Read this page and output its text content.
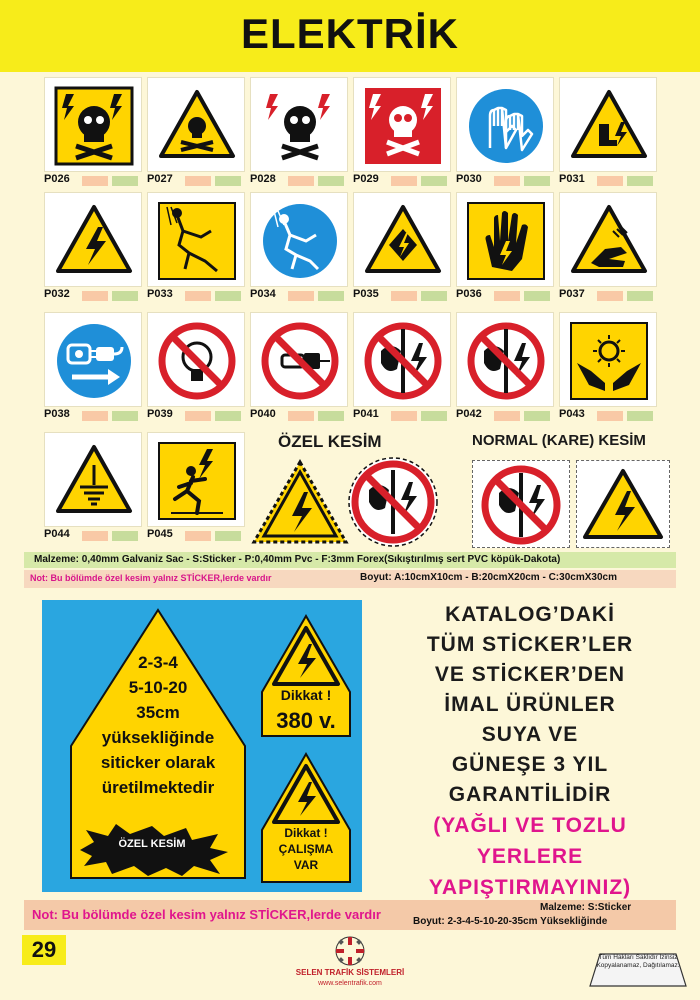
ELEKTRİK
P026	P027	P028	P029	P030	P031
P032	P033	P034	P035	P036	P037
P038	P039	P040	P041	P042	P043
P044	P045
ÖZEL KESİM	NORMAL (KARE) KESİM
Malzeme: 0,40mm Galvaniz Sac - S:Sticker - P:0,40mm Pvc - F:3mm Forex(Sıkıştırılmış sert PVC köpük-Dakota)
Not: Bu bölümde özel kesim yalnız STİCKER,lerde vardır	Boyut: A:10cmX10cm - B:20cmX20cm - C:30cmX30cm
2-3-4
5-10-20
35cm
yüksekliğinde
siticker olarak
üretilmektedir
ÖZEL KESİM
Dikkat !
380 v.
Dikkat !
ÇALIŞMA
VAR
KATALOG’DAKİ
TÜM STİCKER’LER
VE STİCKER’DEN
İMAL ÜRÜNLER
SUYA VE
GÜNEŞE 3 YIL
GARANTİLİDİR
(YAĞLI VE TOZLU
YERLERE
YAPIŞTIRMAYINIZ)
Not: Bu bölümde özel kesim yalnız STİCKER,lerde vardır	Malzeme: S:Sticker
Boyut: 2-3-4-5-10-20-35cm Yüksekliğinde
29
SELEN TRAFİK SİSTEMLERİ
www.selentrafik.com
Tüm Hakları Saklıdır İzinsiz Kopyalanamaz, Dağıtılamaz.
